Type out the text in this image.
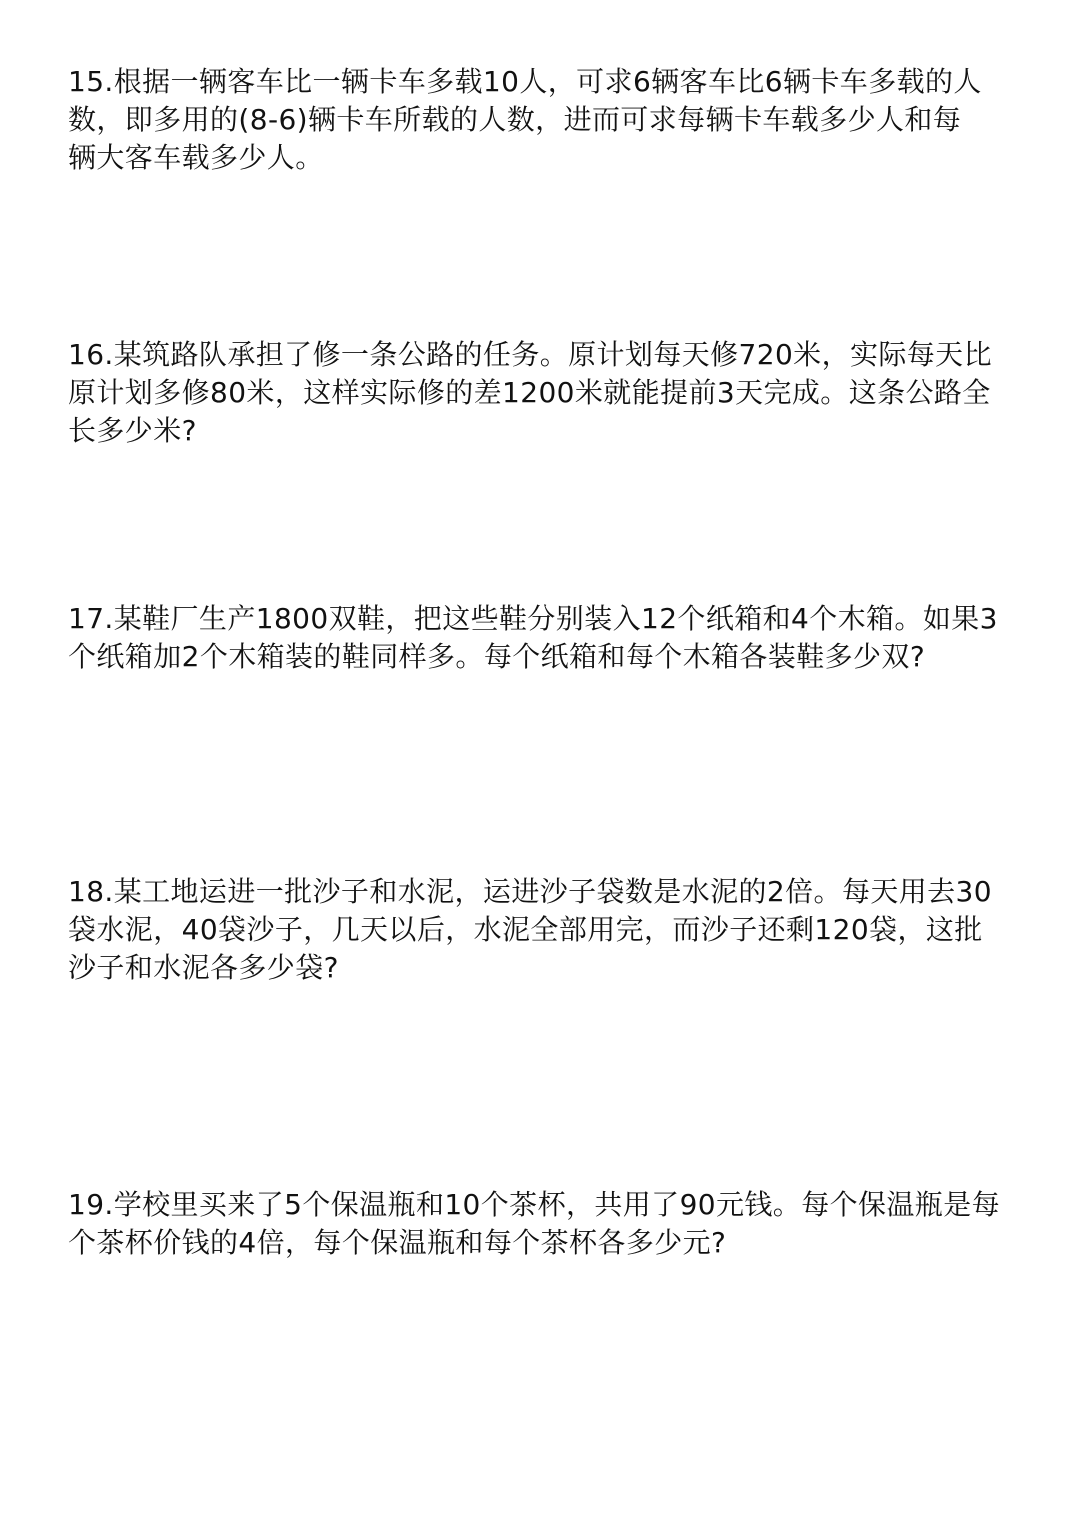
15.根据一辆客车比一辆卡车多载10人，可求6辆客车比6辆卡车多载的人
数，即多用的(8-6)辆卡车所载的人数，进而可求每辆卡车载多少人和每
辆大客车载多少人。
16.某筑路队承担了修一条公路的任务。原计划每天修720米，实际每天比
原计划多修80米，这样实际修的差1200米就能提前3天完成。这条公路全
长多少米?
17.某鞋厂生产1800双鞋，把这些鞋分别装入12个纸箱和4个木箱。如果3
个纸箱加2个木箱装的鞋同样多。每个纸箱和每个木箱各装鞋多少双?
18.某工地运进一批沙子和水泥，运进沙子袋数是水泥的2倍。每天用去30
袋水泥，40袋沙子，几天以后，水泥全部用完，而沙子还剩120袋，这批
沙子和水泥各多少袋?
19.学校里买来了5个保温瓶和10个茶杯，共用了90元钱。每个保温瓶是每
个茶杯价钱的4倍，每个保温瓶和每个茶杯各多少元?
